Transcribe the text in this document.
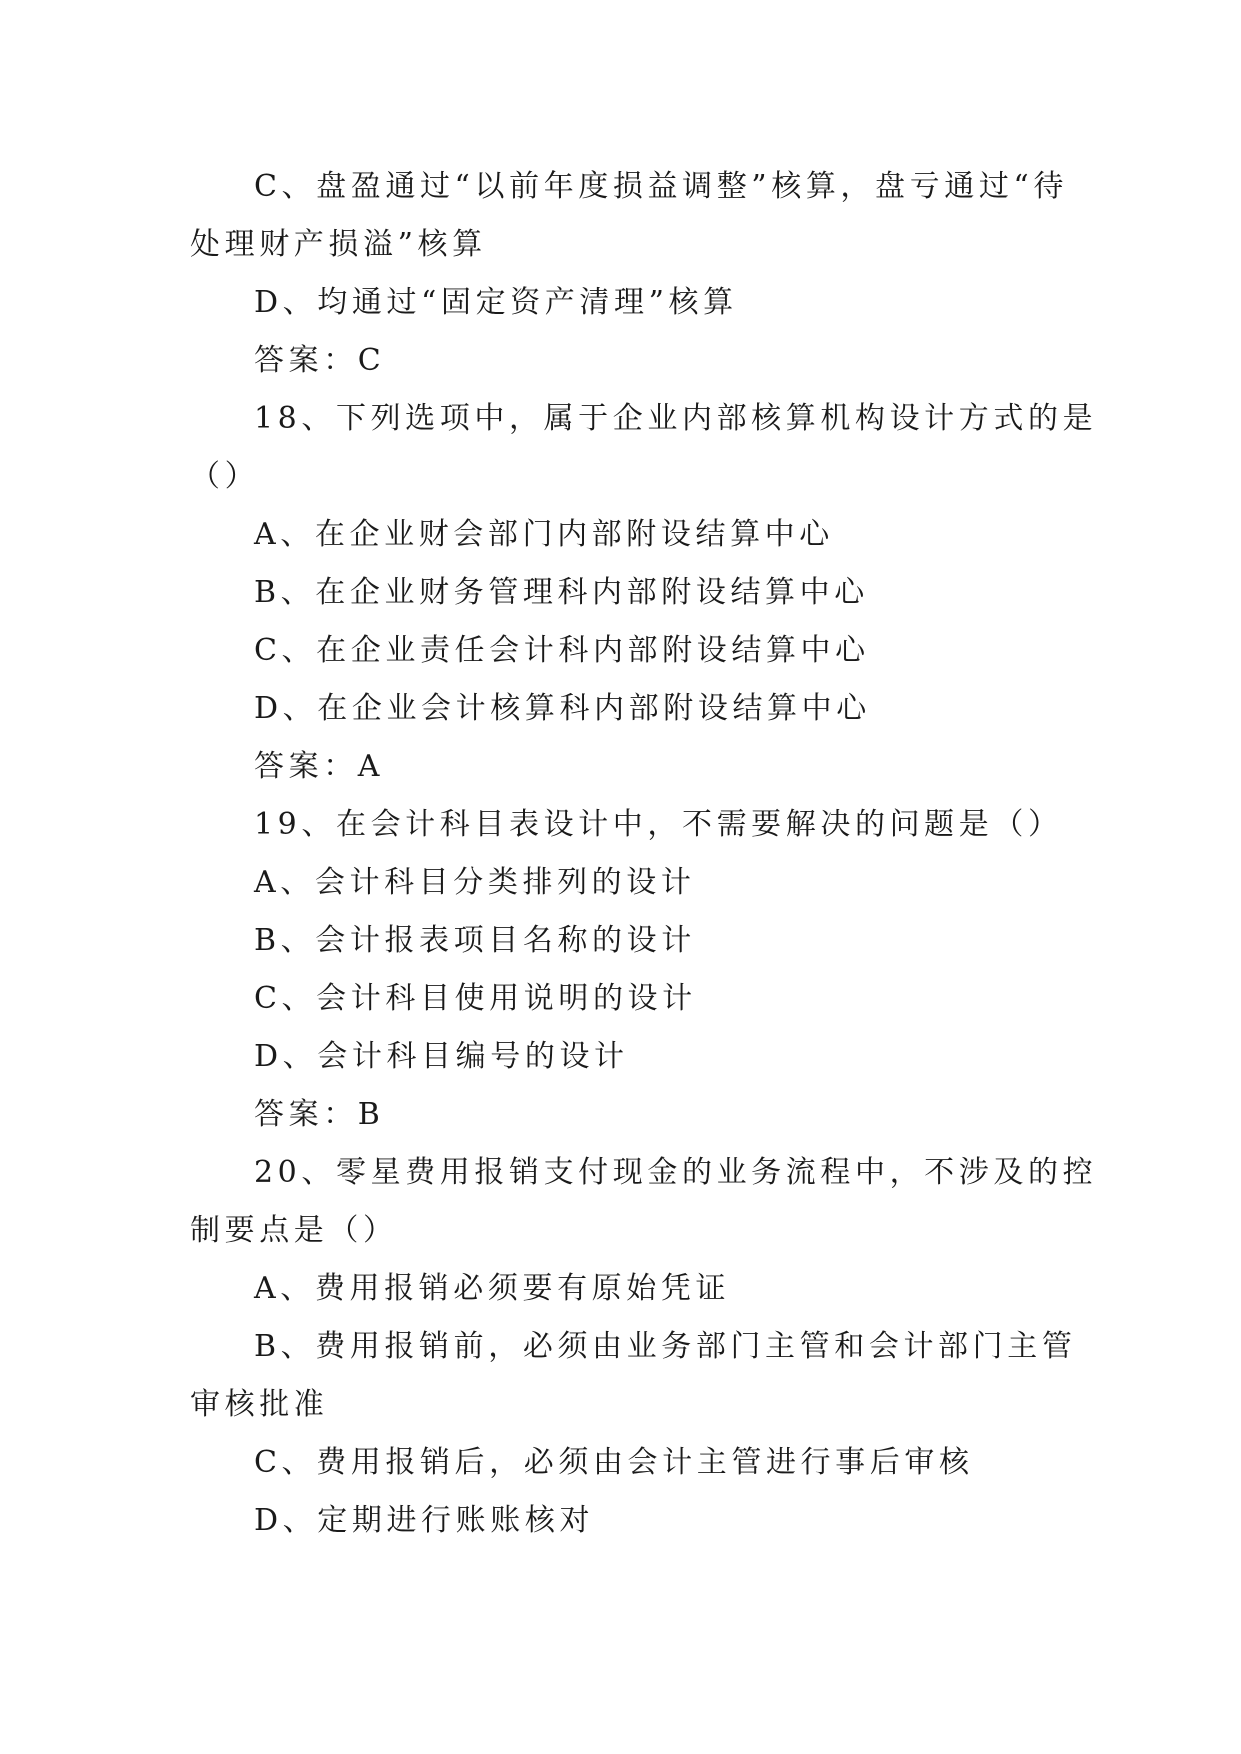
C、盘盈通过“以前年度损益调整”核算，盘亏通过“待

处理财产损溢”核算

D、均通过“固定资产清理”核算

答案：C

18、下列选项中，属于企业内部核算机构设计方式的是

（）

A、在企业财会部门内部附设结算中心

B、在企业财务管理科内部附设结算中心

C、在企业责任会计科内部附设结算中心

D、在企业会计核算科内部附设结算中心

答案：A

19、在会计科目表设计中，不需要解决的问题是（）

A、会计科目分类排列的设计

B、会计报表项目名称的设计

C、会计科目使用说明的设计

D、会计科目编号的设计

答案：B

20、零星费用报销支付现金的业务流程中，不涉及的控

制要点是（）

A、费用报销必须要有原始凭证

B、费用报销前，必须由业务部门主管和会计部门主管

审核批准

C、费用报销后，必须由会计主管进行事后审核

D、定期进行账账核对
